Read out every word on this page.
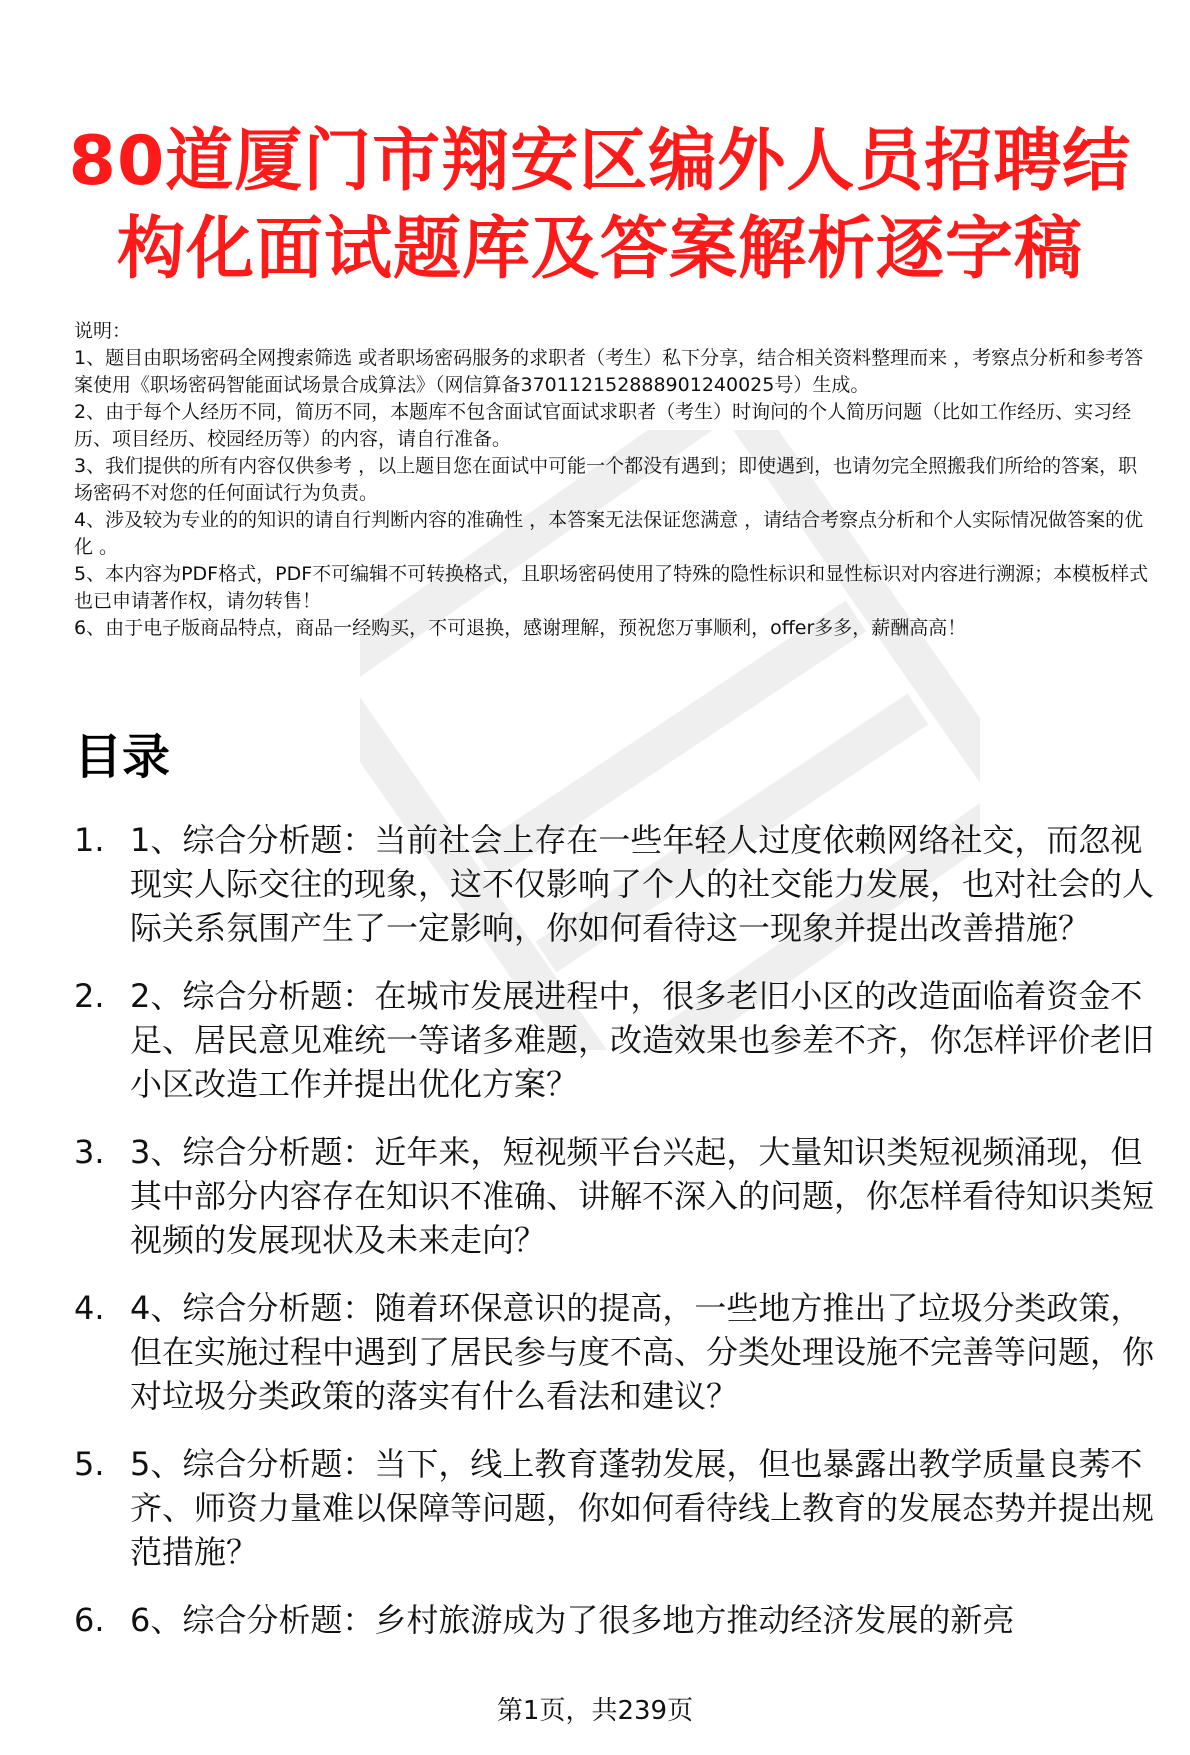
80道厦门市翔安区编外人员招聘结构化面试题库及答案解析逐字稿

说明：

1、题目由职场密码全网搜索筛选 或者职场密码服务的求职者（考生）私下分享，结合相关资料整理而来 ，考察点分析和参考答案使用《职场密码智能面试场景合成算法》（网信算备370112152888901240025号）生成。

2、由于每个人经历不同，简历不同，本题库不包含面试官面试求职者（考生）时询问的个人简历问题（比如工作经历、实习经历、项目经历、校园经历等）的内容，请自行准备。

3、我们提供的所有内容仅供参考 ，以上题目您在面试中可能一个都没有遇到；即使遇到，也请勿完全照搬我们所给的答案，职场密码不对您的任何面试行为负责。

4、涉及较为专业的的知识的请自行判断内容的准确性 ，本答案无法保证您满意 ，请结合考察点分析和个人实际情况做答案的优化 。

5、本内容为PDF格式，PDF不可编辑不可转换格式，且职场密码使用了特殊的隐性标识和显性标识对内容进行溯源；本模板样式也已申请著作权，请勿转售！

6、由于电子版商品特点，商品一经购买，不可退换，感谢理解，预祝您万事顺利，offer多多，薪酬高高！

目录
1. 1、综合分析题：当前社会上存在一些年轻人过度依赖网络社交，而忽视现实人际交往的现象，这不仅影响了个人的社交能力发展，也对社会的人际关系氛围产生了一定影响，你如何看待这一现象并提出改善措施？
2. 2、综合分析题：在城市发展进程中，很多老旧小区的改造面临着资金不足、居民意见难统一等诸多难题，改造效果也参差不齐，你怎样评价老旧小区改造工作并提出优化方案？
3. 3、综合分析题：近年来，短视频平台兴起，大量知识类短视频涌现，但其中部分内容存在知识不准确、讲解不深入的问题，你怎样看待知识类短视频的发展现状及未来走向？
4. 4、综合分析题：随着环保意识的提高，一些地方推出了垃圾分类政策，但在实施过程中遇到了居民参与度不高、分类处理设施不完善等问题，你对垃圾分类政策的落实有什么看法和建议？
5. 5、综合分析题：当下，线上教育蓬勃发展，但也暴露出教学质量良莠不齐、师资力量难以保障等问题，你如何看待线上教育的发展态势并提出规范措施？
6. 6、综合分析题：乡村旅游成为了很多地方推动经济发展的新亮
第1页，共239页
